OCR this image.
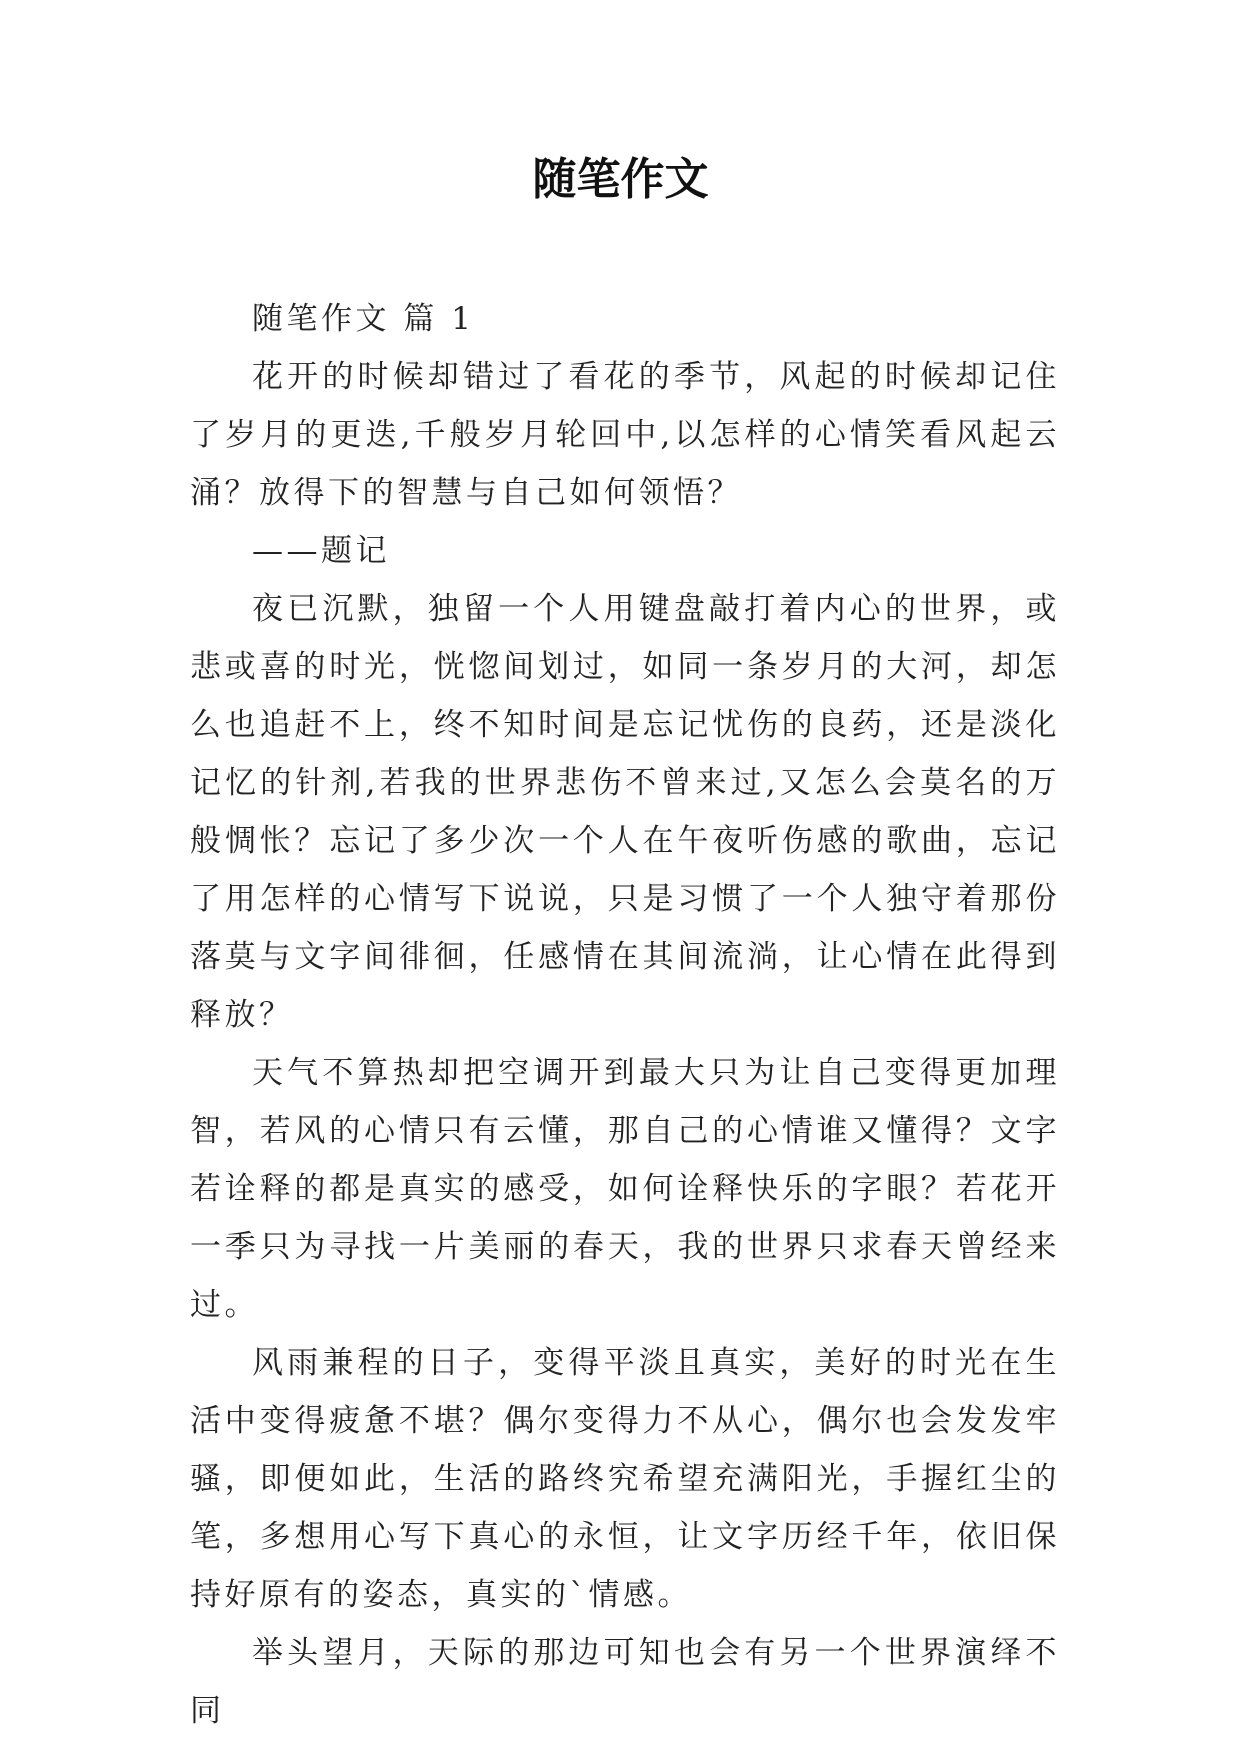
随笔作文

随笔作文 篇 1

花开的时候却错过了看花的季节，风起的时候却记住了岁月的更迭,千般岁月轮回中,以怎样的心情笑看风起云涌？放得下的智慧与自己如何领悟？

——题记

夜已沉默，独留一个人用键盘敲打着内心的世界，或悲或喜的时光，恍惚间划过，如同一条岁月的大河，却怎么也追赶不上，终不知时间是忘记忧伤的良药，还是淡化记忆的针剂,若我的世界悲伤不曾来过,又怎么会莫名的万般惆怅？忘记了多少次一个人在午夜听伤感的歌曲，忘记了用怎样的心情写下说说，只是习惯了一个人独守着那份落莫与文字间徘徊，任感情在其间流淌，让心情在此得到释放？

天气不算热却把空调开到最大只为让自己变得更加理智，若风的心情只有云懂，那自己的心情谁又懂得？文字若诠释的都是真实的感受，如何诠释快乐的字眼？若花开一季只为寻找一片美丽的春天，我的世界只求春天曾经来过。

风雨兼程的日子，变得平淡且真实，美好的时光在生活中变得疲惫不堪？偶尔变得力不从心，偶尔也会发发牢骚，即便如此，生活的路终究希望充满阳光，手握红尘的笔，多想用心写下真心的永恒，让文字历经千年，依旧保持好原有的姿态，真实的`情感。

举头望月，天际的那边可知也会有另一个世界演绎不同
